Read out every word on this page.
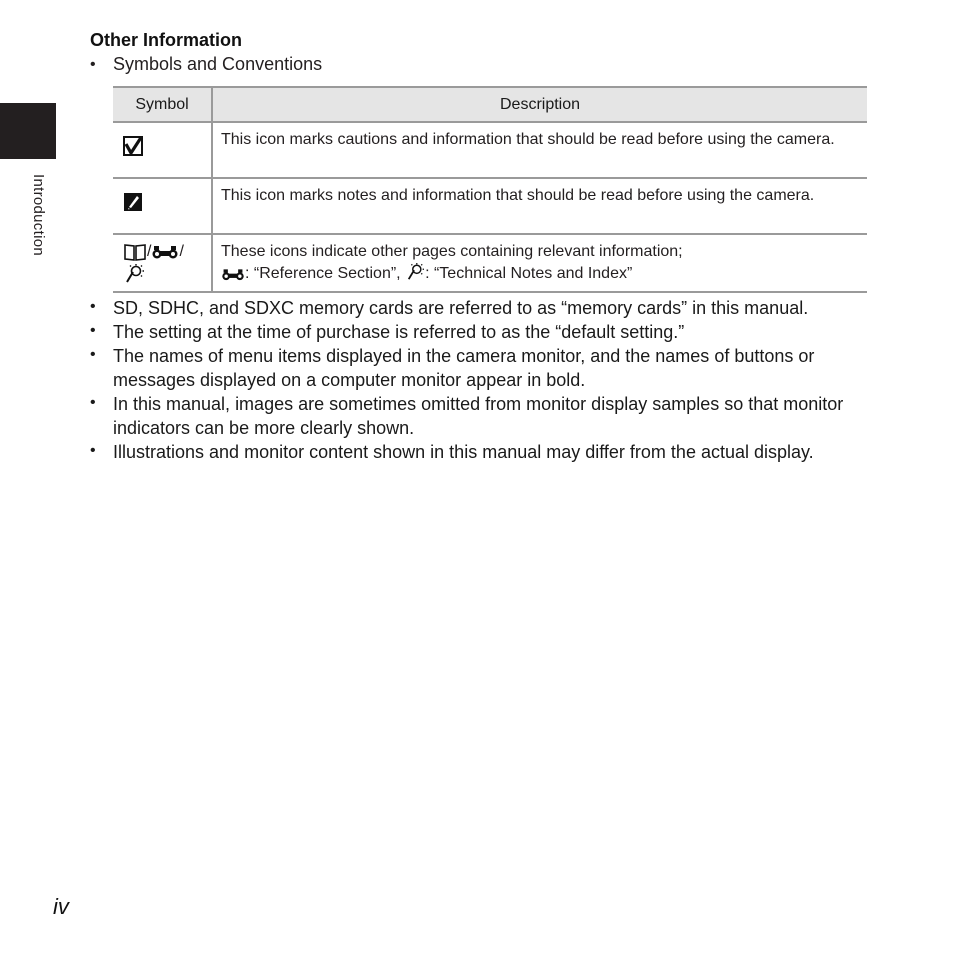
Introduction
Other Information
• Symbols and Conventions
Symbol	Description
	This icon marks cautions and information that should be read before using the camera.
	This icon marks notes and information that should be read before using the camera.
/ /	These icons indicate other pages containing relevant information;
: “Reference Section”, : “Technical Notes and Index”
• SD, SDHC, and SDXC memory cards are referred to as “memory cards” in this manual.
• The setting at the time of purchase is referred to as the “default setting.”
• The names of menu items displayed in the camera monitor, and the names of buttons or messages displayed on a computer monitor appear in bold.
• In this manual, images are sometimes omitted from monitor display samples so that monitor indicators can be more clearly shown.
• Illustrations and monitor content shown in this manual may differ from the actual display.
iv
